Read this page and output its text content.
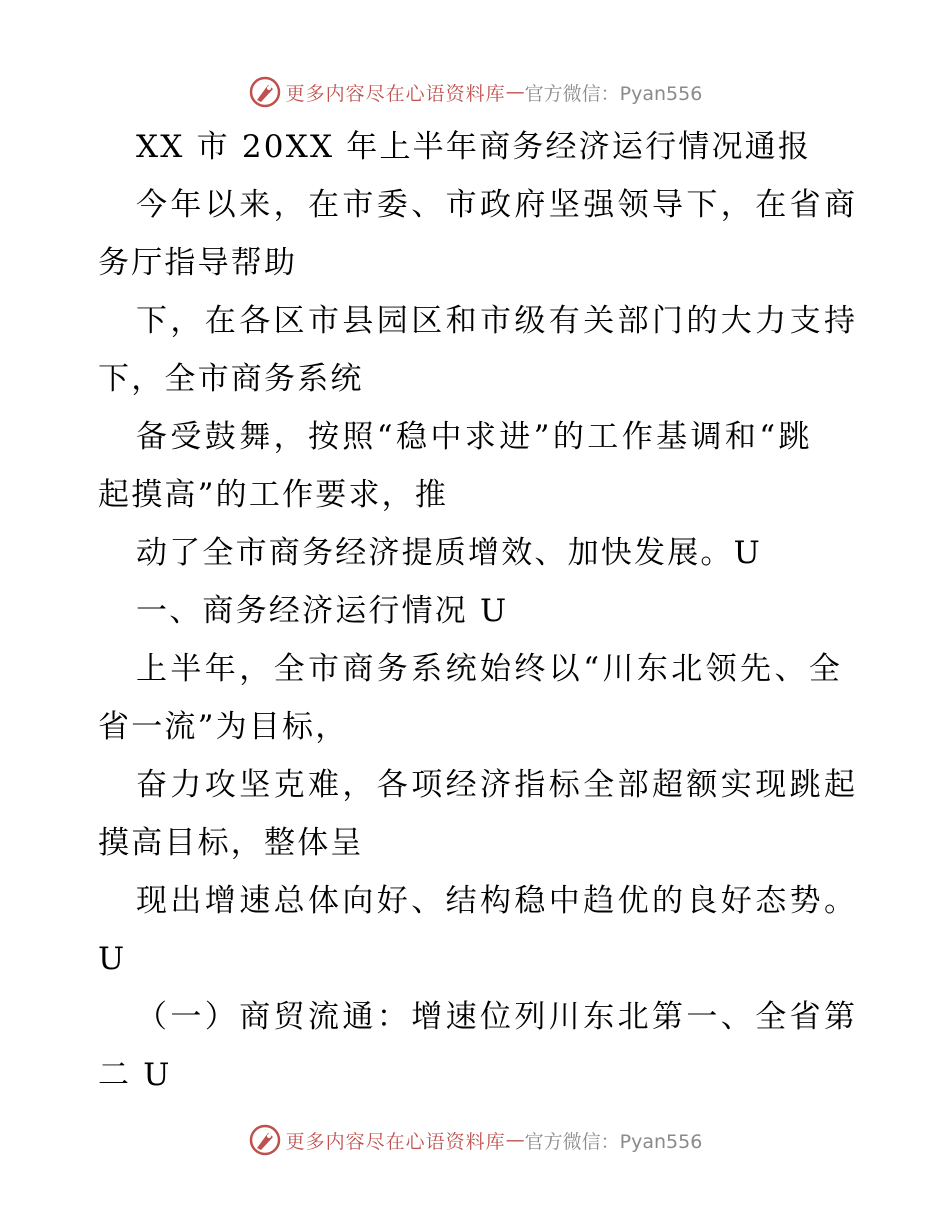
更多内容尽在心语资料库 — 官方微信：Pyan556
XX 市 20XX 年上半年商务经济运行情况通报
今年以来，在市委、市政府坚强领导下，在省商
务厅指导帮助
下，在各区市县园区和市级有关部门的大力支持
下，全市商务系统
备受鼓舞，按照“稳中求进”的工作基调和“跳
起摸高”的工作要求，推
动了全市商务经济提质增效、加快发展。U
一、商务经济运行情况 U
上半年，全市商务系统始终以“川东北领先、全
省一流”为目标，
奋力攻坚克难，各项经济指标全部超额实现跳起
摸高目标，整体呈
现出增速总体向好、结构稳中趋优的良好态势。
U
（一）商贸流通：增速位列川东北第一、全省第
二 U
更多内容尽在心语资料库 — 官方微信：Pyan556
